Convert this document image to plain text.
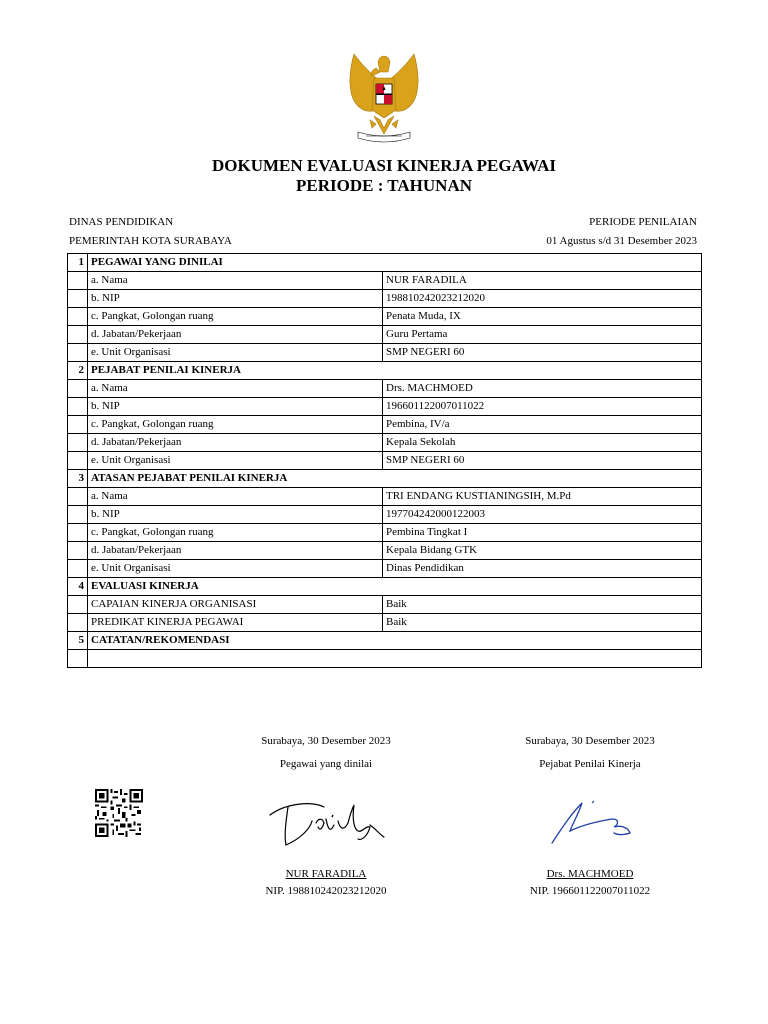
DOKUMEN EVALUASI KINERJA PEGAWAI
PERIODE : TAHUNAN
DINAS PENDIDIKAN
PEMERINTAH KOTA SURABAYA
PERIODE PENILAIAN
01 Agustus s/d 31 Desember 2023
1	PEGAWAI YANG DINILAI	
	a. Nama	NUR FARADILA
	b. NIP	198810242023212020
	c. Pangkat, Golongan ruang	Penata Muda, IX
	d. Jabatan/Pekerjaan	Guru Pertama
	e. Unit Organisasi	SMP NEGERI 60
2	PEJABAT PENILAI KINERJA	
	a. Nama	Drs. MACHMOED
	b. NIP	196601122007011022
	c. Pangkat, Golongan ruang	Pembina, IV/a
	d. Jabatan/Pekerjaan	Kepala Sekolah
	e. Unit Organisasi	SMP NEGERI 60
3	ATASAN PEJABAT PENILAI KINERJA	
	a. Nama	TRI ENDANG KUSTIANINGSIH, M.Pd
	b. NIP	197704242000122003
	c. Pangkat, Golongan ruang	Pembina Tingkat I
	d. Jabatan/Pekerjaan	Kepala Bidang GTK
	e. Unit Organisasi	Dinas Pendidikan
4	EVALUASI KINERJA	
	CAPAIAN KINERJA ORGANISASI	Baik
	PREDIKAT KINERJA PEGAWAI	Baik
5	CATATAN/REKOMENDASI	

Surabaya, 30 Desember 2023
Pegawai yang dinilai
NUR FARADILA
NIP. 198810242023212020
Surabaya, 30 Desember 2023
Pejabat Penilai Kinerja
Drs. MACHMOED
NIP. 196601122007011022
